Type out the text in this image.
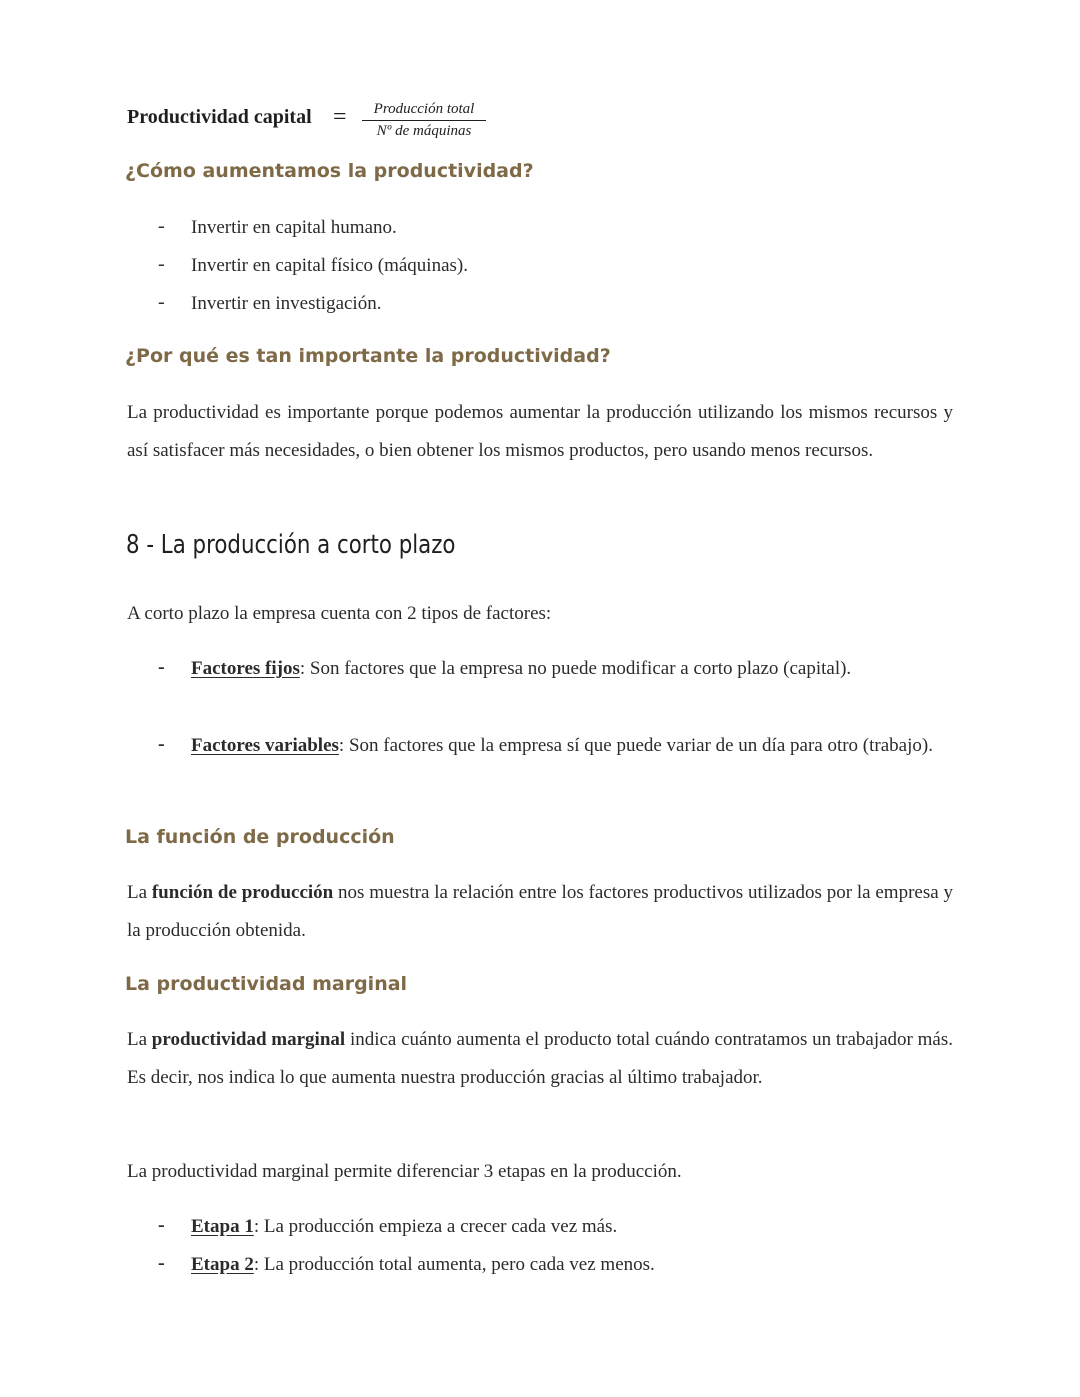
Productividad capital =	Producción total
Nº de máquinas
¿Cómo aumentamos la productividad?
- Invertir en capital humano.
- Invertir en capital físico (máquinas).
- Invertir en investigación.
¿Por qué es tan importante la productividad?
La productividad es importante porque podemos aumentar la producción utilizando los mismos recursos y así satisfacer más necesidades, o bien obtener los mismos productos, pero usando menos recursos.
8 - La producción a corto plazo
A corto plazo la empresa cuenta con 2 tipos de factores:
- Factores fijos: Son factores que la empresa no puede modificar a corto plazo (capital).
- Factores variables: Son factores que la empresa sí que puede variar de un día para otro (trabajo).
La función de producción
La función de producción nos muestra la relación entre los factores productivos utilizados por la empresa y la producción obtenida.
La productividad marginal
La productividad marginal indica cuánto aumenta el producto total cuándo contratamos un trabajador más. Es decir, nos indica lo que aumenta nuestra producción gracias al último trabajador.
La productividad marginal permite diferenciar 3 etapas en la producción.
- Etapa 1: La producción empieza a crecer cada vez más.
- Etapa 2: La producción total aumenta, pero cada vez menos.
